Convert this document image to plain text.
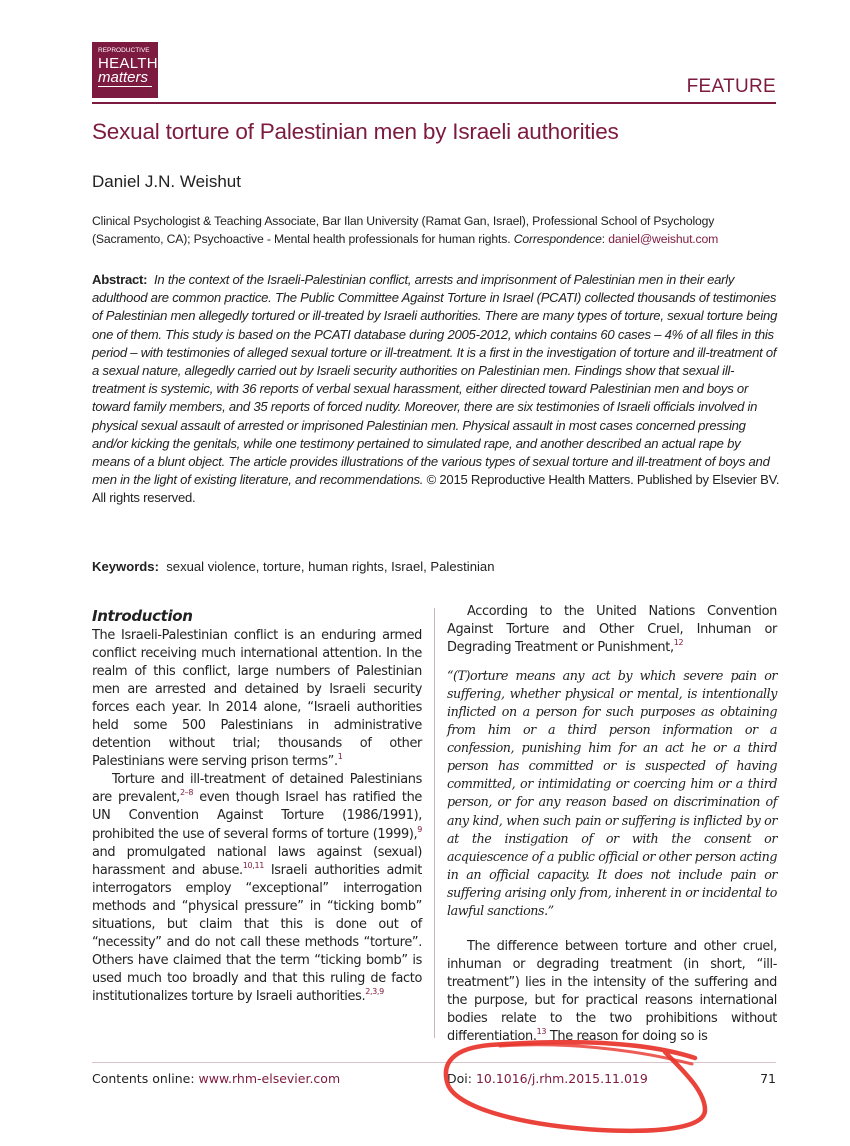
REPRODUCTIVE
HEALTH
matters	FEATURE
Sexual torture of Palestinian men by Israeli authorities
Daniel J.N. Weishut
Clinical Psychologist & Teaching Associate, Bar Ilan University (Ramat Gan, Israel), Professional School of Psychology (Sacramento, CA); Psychoactive - Mental health professionals for human rights. Correspondence: daniel@weishut.com
Abstract: In the context of the Israeli-Palestinian conflict, arrests and imprisonment of Palestinian men in their early adulthood are common practice. The Public Committee Against Torture in Israel (PCATI) collected thousands of testimonies of Palestinian men allegedly tortured or ill-treated by Israeli authorities. There are many types of torture, sexual torture being one of them. This study is based on the PCATI database during 2005-2012, which contains 60 cases – 4% of all files in this period – with testimonies of alleged sexual torture or ill-treatment. It is a first in the investigation of torture and ill-treatment of a sexual nature, allegedly carried out by Israeli security authorities on Palestinian men. Findings show that sexual ill-treatment is systemic, with 36 reports of verbal sexual harassment, either directed toward Palestinian men and boys or toward family members, and 35 reports of forced nudity. Moreover, there are six testimonies of Israeli officials involved in physical sexual assault of arrested or imprisoned Palestinian men. Physical assault in most cases concerned pressing and/or kicking the genitals, while one testimony pertained to simulated rape, and another described an actual rape by means of a blunt object. The article provides illustrations of the various types of sexual torture and ill-treatment of boys and men in the light of existing literature, and recommendations. © 2015 Reproductive Health Matters. Published by Elsevier BV. All rights reserved.
Keywords: sexual violence, torture, human rights, Israel, Palestinian
Introduction

The Israeli-Palestinian conflict is an enduring armed conflict receiving much international attention. In the realm of this conflict, large numbers of Palestinian men are arrested and detained by Israeli security forces each year. In 2014 alone, “Israeli authorities held some 500 Palestinians in administrative detention without trial; thousands of other Palestinians were serving prison terms”.$^1$

Torture and ill-treatment of detained Palestinians are prevalent,$^{2-8}$ even though Israel has ratified the UN Convention Against Torture (1986/1991), prohibited the use of several forms of torture (1999),$^9$ and promulgated national laws against (sexual) harassment and abuse.$^{10,11}$ Israeli authorities admit interrogators employ “exceptional” interrogation methods and “physical pressure” in “ticking bomb” situations, but claim that this is done out of “necessity” and do not call these methods “torture”. Others have claimed that the term “ticking bomb” is used much too broadly and that this ruling de facto institutionalizes torture by Israeli authorities.$^{2,3,9}$

According to the United Nations Convention Against Torture and Other Cruel, Inhuman or Degrading Treatment or Punishment,$^{12}$

“(T)orture means any act by which severe pain or suffering, whether physical or mental, is intentionally inflicted on a person for such purposes as obtaining from him or a third person information or a confession, punishing him for an act he or a third person has committed or is suspected of having committed, or intimidating or coercing him or a third person, or for any reason based on discrimination of any kind, when such pain or suffering is inflicted by or at the instigation of or with the consent or acquiescence of a public official or other person acting in an official capacity. It does not include pain or suffering arising only from, inherent in or incidental to lawful sanctions.”

The difference between torture and other cruel, inhuman or degrading treatment (in short, “ill-treatment”) lies in the intensity of the suffering and the purpose, but for practical reasons international bodies relate to the two prohibitions without differentiation.$^{13}$ The reason for doing so is

Contents online: www.rhm-elsevier.com	Doi: 10.1016/j.rhm.2015.11.019	71
